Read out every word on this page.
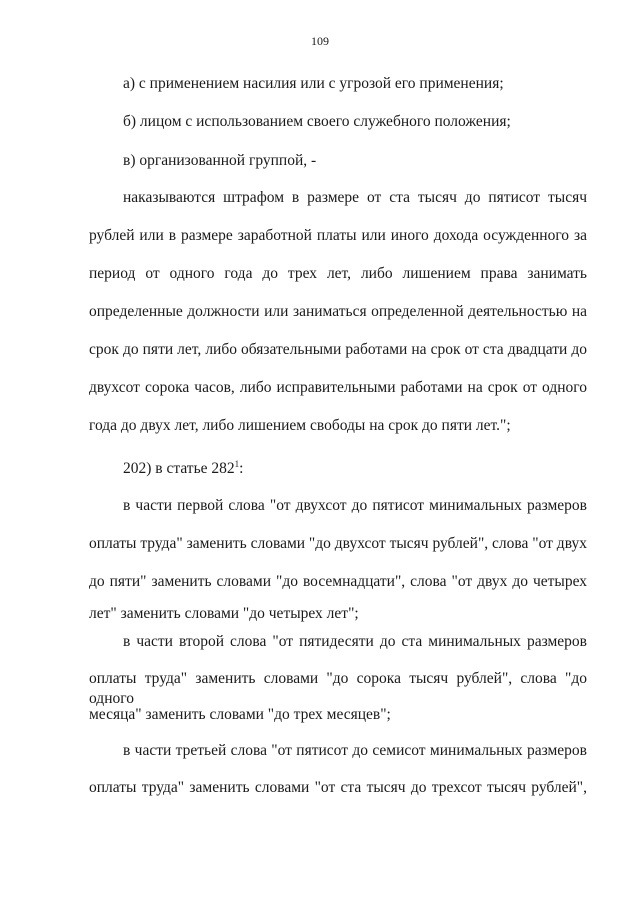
109
а) с применением насилия или с угрозой его применения;
б) лицом с использованием своего служебного положения;
в) организованной группой, -
наказываются штрафом в размере от ста тысяч до пятисот тысяч
рублей или в размере заработной платы или иного дохода осужденного за
период от одного года до трех лет, либо лишением права занимать
определенные должности или заниматься определенной деятельностью на
срок до пяти лет, либо обязательными работами на срок от ста двадцати до
двухсот сорока часов, либо исправительными работами на срок от одного
года до двух лет, либо лишением свободы на срок до пяти лет.";
202) в статье $282^1$:
в части первой слова "от двухсот до пятисот минимальных размеров
оплаты труда" заменить словами "до двухсот тысяч рублей", слова "от двух
до пяти" заменить словами "до восемнадцати", слова "от двух до четырех
лет" заменить словами "до четырех лет";
в части второй слова "от пятидесяти до ста минимальных размеров
оплаты труда" заменить словами "до сорока тысяч рублей", слова "до одного
месяца" заменить словами "до трех месяцев";
в части третьей слова "от пятисот до семисот минимальных размеров
оплаты труда" заменить словами "от ста тысяч до трехсот тысяч рублей",
